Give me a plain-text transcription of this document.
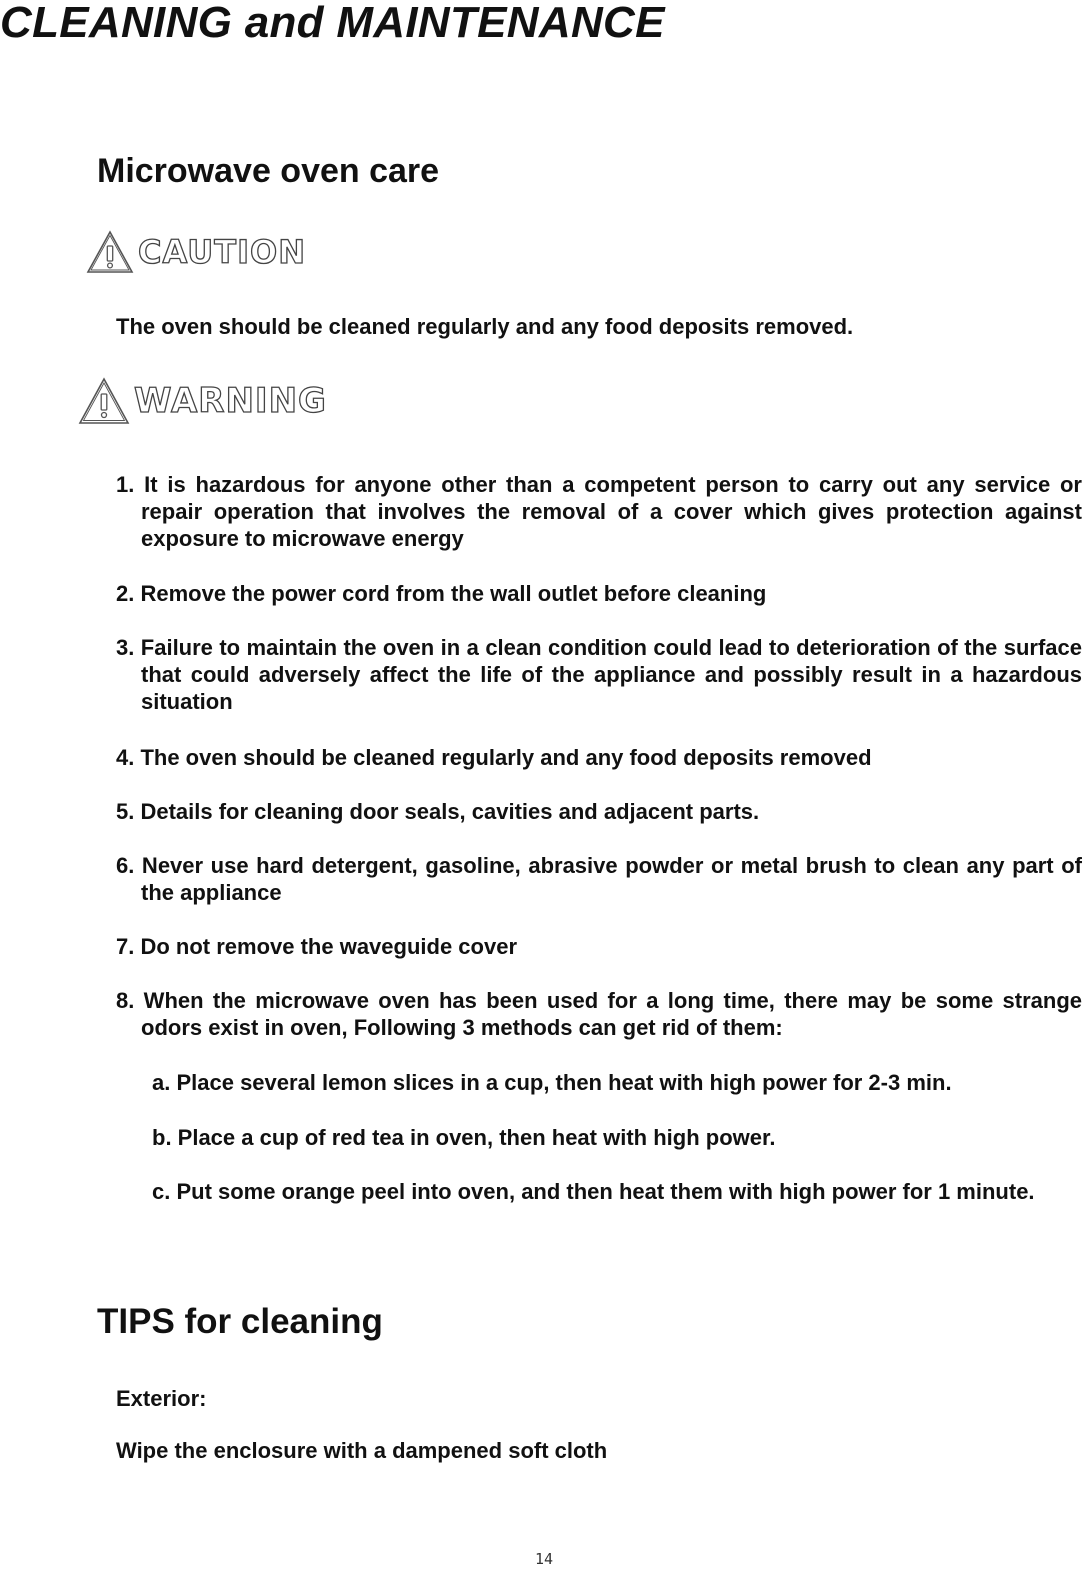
CLEANING and MAINTENANCE
Microwave oven care
CAUTION
The oven should be cleaned regularly and any food deposits removed.
WARNING
1. It is hazardous for anyone other than a competent person to carry out any service or repair operation that involves the removal of a cover which gives protection against exposure to microwave energy
2. Remove the power cord from the wall outlet before cleaning
3. Failure to maintain the oven in a clean condition could lead to deterioration of the surface that could adversely affect the life of the appliance and possibly result in a hazardous situation
4. The oven should be cleaned regularly and any food deposits removed
5. Details for cleaning door seals, cavities and adjacent parts.
6. Never use hard detergent, gasoline, abrasive powder or metal brush to clean any part of the appliance
7. Do not remove the waveguide cover
8. When the microwave oven has been used for a long time, there may be some strange odors exist in oven, Following 3 methods can get rid of them:
a. Place several lemon slices in a cup, then heat with high power for 2-3 min.
b. Place a cup of red tea in oven, then heat with high power.
c. Put some orange peel into oven, and then heat them with high power for 1 minute.
TIPS for cleaning
Exterior:
Wipe the enclosure with a dampened soft cloth
14
